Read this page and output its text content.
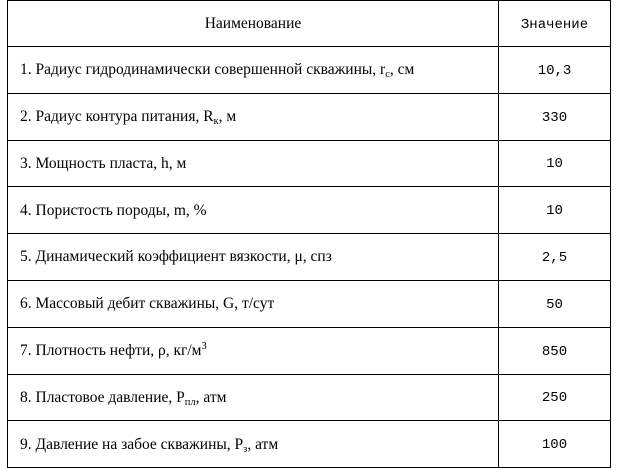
Наименование	Значение
1. Радиус гидродинамически совершенной скважины, rс, см	10,3
2. Радиус контура питания, Rк, м	330
3. Мощность пласта, h, м	10
4. Пористость породы, m, %	10
5. Динамический коэффициент вязкости, μ, спз	2,5
6. Массовый дебит скважины, G, т/сут	50
7. Плотность нефти, ρ, $кг/м^3$	850
8. Пластовое давление, Pпл, атм	250
9. Давление на забое скважины, Pз, атм	100
